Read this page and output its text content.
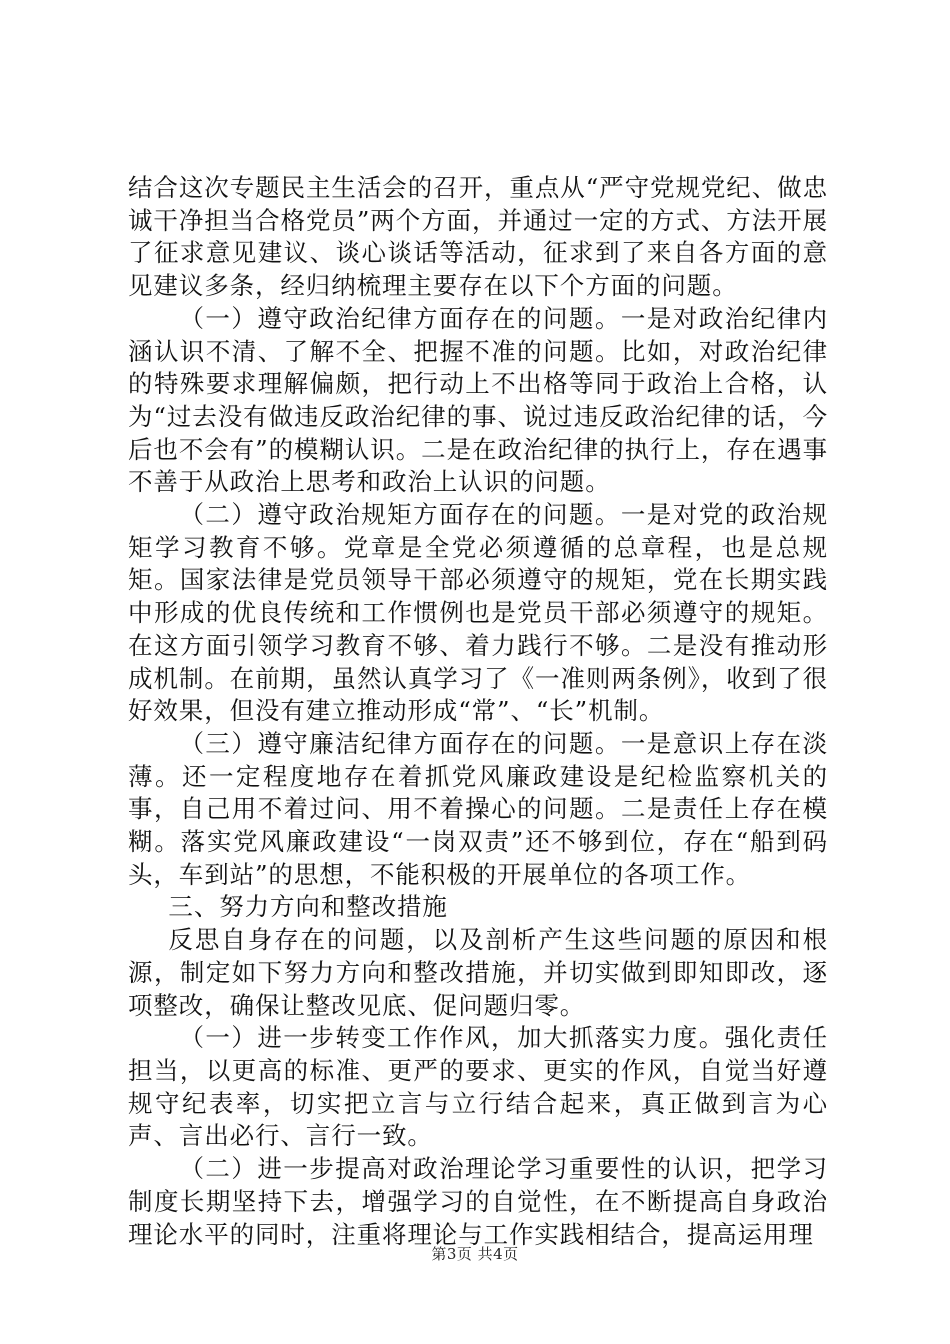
结合这次专题民主生活会的召开，重点从“严守党规党纪、做忠诚干净担当合格党员”两个方面，并通过一定的方式、方法开展了征求意见建议、谈心谈话等活动，征求到了来自各方面的意见建议多条，经归纳梳理主要存在以下个方面的问题。

（一）遵守政治纪律方面存在的问题。一是对政治纪律内涵认识不清、了解不全、把握不准的问题。比如，对政治纪律的特殊要求理解偏颇，把行动上不出格等同于政治上合格，认为“过去没有做违反政治纪律的事、说过违反政治纪律的话，今后也不会有”的模糊认识。二是在政治纪律的执行上，存在遇事不善于从政治上思考和政治上认识的问题。

（二）遵守政治规矩方面存在的问题。一是对党的政治规矩学习教育不够。党章是全党必须遵循的总章程，也是总规矩。国家法律是党员领导干部必须遵守的规矩，党在长期实践中形成的优良传统和工作惯例也是党员干部必须遵守的规矩。在这方面引领学习教育不够、着力践行不够。二是没有推动形成机制。在前期，虽然认真学习了《一准则两条例》，收到了很好效果，但没有建立推动形成“常”、“长”机制。

（三）遵守廉洁纪律方面存在的问题。一是意识上存在淡薄。还一定程度地存在着抓党风廉政建设是纪检监察机关的事，自己用不着过问、用不着操心的问题。二是责任上存在模糊。落实党风廉政建设“一岗双责”还不够到位，存在“船到码头，车到站”的思想，不能积极的开展单位的各项工作。

三、努力方向和整改措施

反思自身存在的问题，以及剖析产生这些问题的原因和根源，制定如下努力方向和整改措施，并切实做到即知即改，逐项整改，确保让整改见底、促问题归零。

（一）进一步转变工作作风，加大抓落实力度。强化责任担当，以更高的标准、更严的要求、更实的作风，自觉当好遵规守纪表率，切实把立言与立行结合起来，真正做到言为心声、言出必行、言行一致。

（二）进一步提高对政治理论学习重要性的认识，把学习制度长期坚持下去，增强学习的自觉性，在不断提高自身政治理论水平的同时，注重将理论与工作实践相结合，提高运用理

第3页 共4页
